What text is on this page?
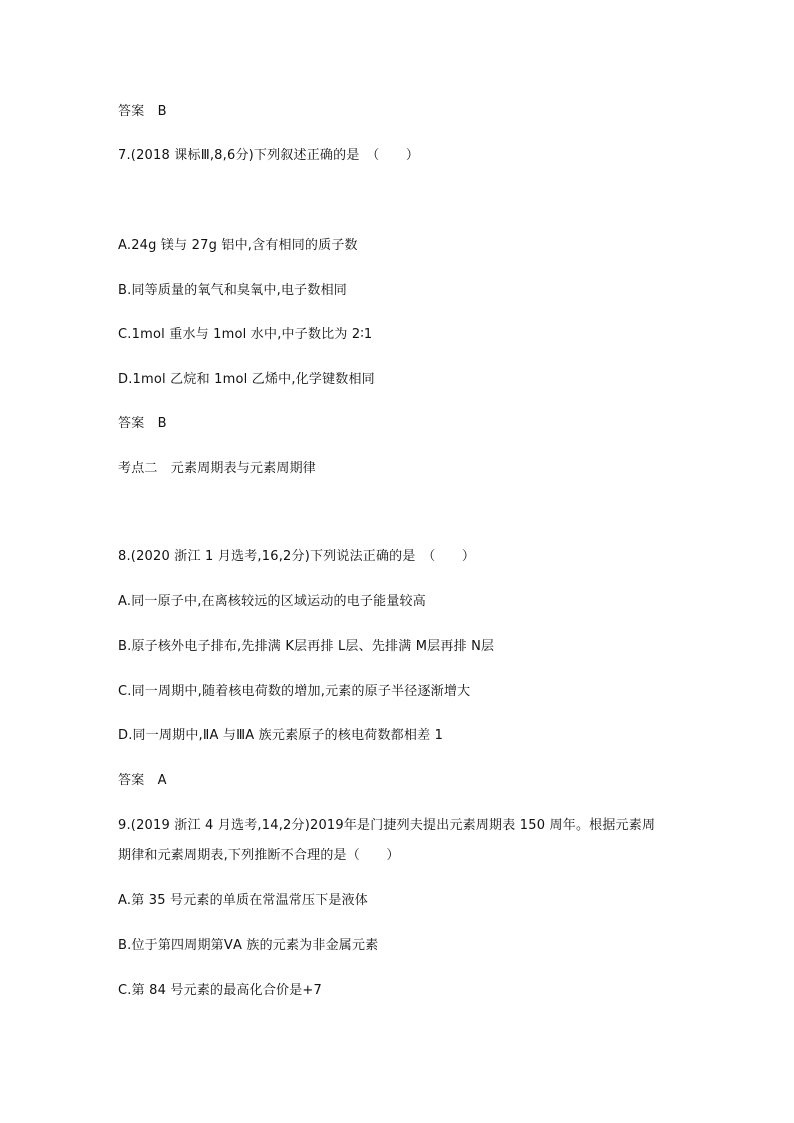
答案　B
7.(2018 课标Ⅲ,8,6分)下列叙述正确的是　（　　）
A.24g 镁与 27g 铝中,含有相同的质子数
B.同等质量的氧气和臭氧中,电子数相同
C.1mol 重水与 1mol 水中,中子数比为 2∶1
D.1mol 乙烷和 1mol 乙烯中,化学键数相同
答案　B
考点二　元素周期表与元素周期律
8.(2020 浙江 1 月选考,16,2分)下列说法正确的是　（　　）
A.同一原子中,在离核较远的区域运动的电子能量较高
B.原子核外电子排布,先排满 K层再排 L层、先排满 M层再排 N层
C.同一周期中,随着核电荷数的增加,元素的原子半径逐渐增大
D.同一周期中,ⅡA 与ⅢA 族元素原子的核电荷数都相差 1
答案　A
9.(2019 浙江 4 月选考,14,2分)2019年是门捷列夫提出元素周期表 150 周年。根据元素周
期律和元素周期表,下列推断不合理的是（　　）
A.第 35 号元素的单质在常温常压下是液体
B.位于第四周期第ⅤA 族的元素为非金属元素
C.第 84 号元素的最高化合价是+7
